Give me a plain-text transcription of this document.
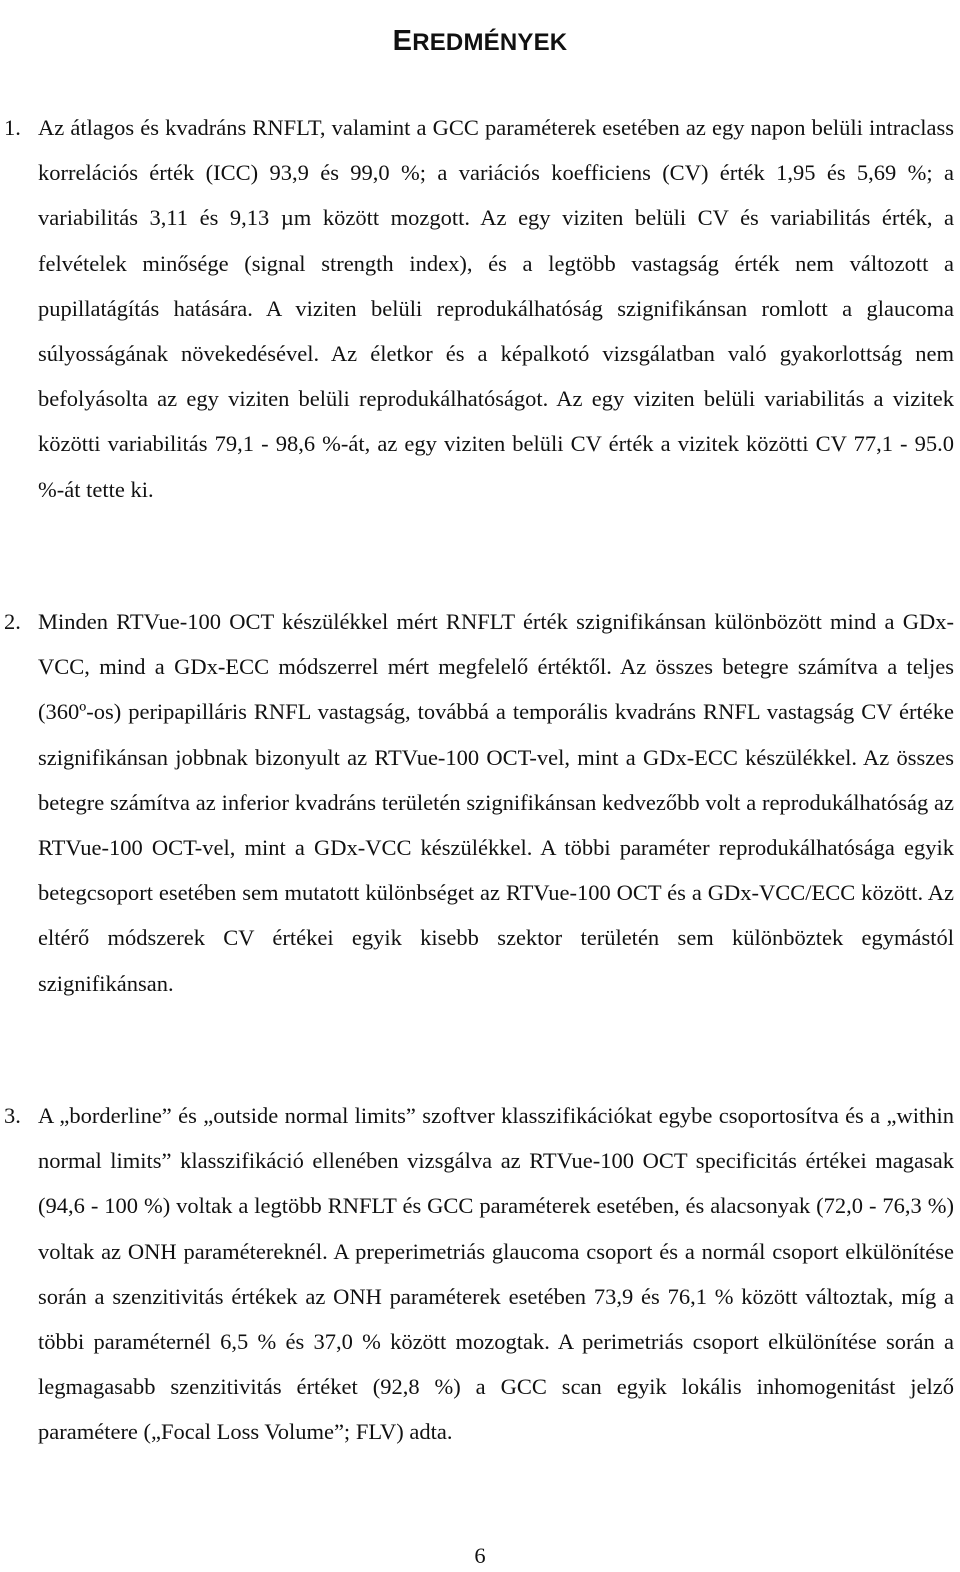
EREDMÉNYEK
1. Az átlagos és kvadráns RNFLT, valamint a GCC paraméterek esetében az egy napon belüli intraclass korrelációs érték (ICC) 93,9 és 99,0 %; a variációs koefficiens (CV) érték 1,95 és 5,69 %; a variabilitás 3,11 és 9,13 µm között mozgott. Az egy viziten belüli CV és variabilitás érték, a felvételek minősége (signal strength index), és a legtöbb vastagság érték nem változott a pupillatágítás hatására. A viziten belüli reprodukálhatóság szignifikánsan romlott a glaucoma súlyosságának növekedésével. Az életkor és a képalkotó vizsgálatban való gyakorlottság nem befolyásolta az egy viziten belüli reprodukálhatóságot. Az egy viziten belüli variabilitás a vizitek közötti variabilitás 79,1 - 98,6 %-át, az egy viziten belüli CV érték a vizitek közötti CV 77,1 - 95.0 %-át tette ki.
2. Minden RTVue-100 OCT készülékkel mért RNFLT érték szignifikánsan különbözött mind a GDx-VCC, mind a GDx-ECC módszerrel mért megfelelő értéktől. Az összes betegre számítva a teljes (360º-os) peripapilláris RNFL vastagság, továbbá a temporális kvadráns RNFL vastagság CV értéke szignifikánsan jobbnak bizonyult az RTVue-100 OCT-vel, mint a GDx-ECC készülékkel. Az összes betegre számítva az inferior kvadráns területén szignifikánsan kedvezőbb volt a reprodukálhatóság az RTVue-100 OCT-vel, mint a GDx-VCC készülékkel. A többi paraméter reprodukálhatósága egyik betegcsoport esetében sem mutatott különbséget az RTVue-100 OCT és a GDx-VCC/ECC között. Az eltérő módszerek CV értékei egyik kisebb szektor területén sem különböztek egymástól szignifikánsan.
3. A „borderline” és „outside normal limits” szoftver klasszifikációkat egybe csoportosítva és a „within normal limits” klasszifikáció ellenében vizsgálva az RTVue-100 OCT specificitás értékei magasak (94,6 - 100 %) voltak a legtöbb RNFLT és GCC paraméterek esetében, és alacsonyak (72,0 - 76,3 %) voltak az ONH paramétereknél. A preperimetriás glaucoma csoport és a normál csoport elkülönítése során a szenzitivitás értékek az ONH paraméterek esetében 73,9 és 76,1 % között változtak, míg a többi paraméternél 6,5 % és 37,0 % között mozogtak. A perimetriás csoport elkülönítése során a legmagasabb szenzitivitás értéket (92,8 %) a GCC scan egyik lokális inhomogenitást jelző paramétere („Focal Loss Volume”; FLV) adta.
6
